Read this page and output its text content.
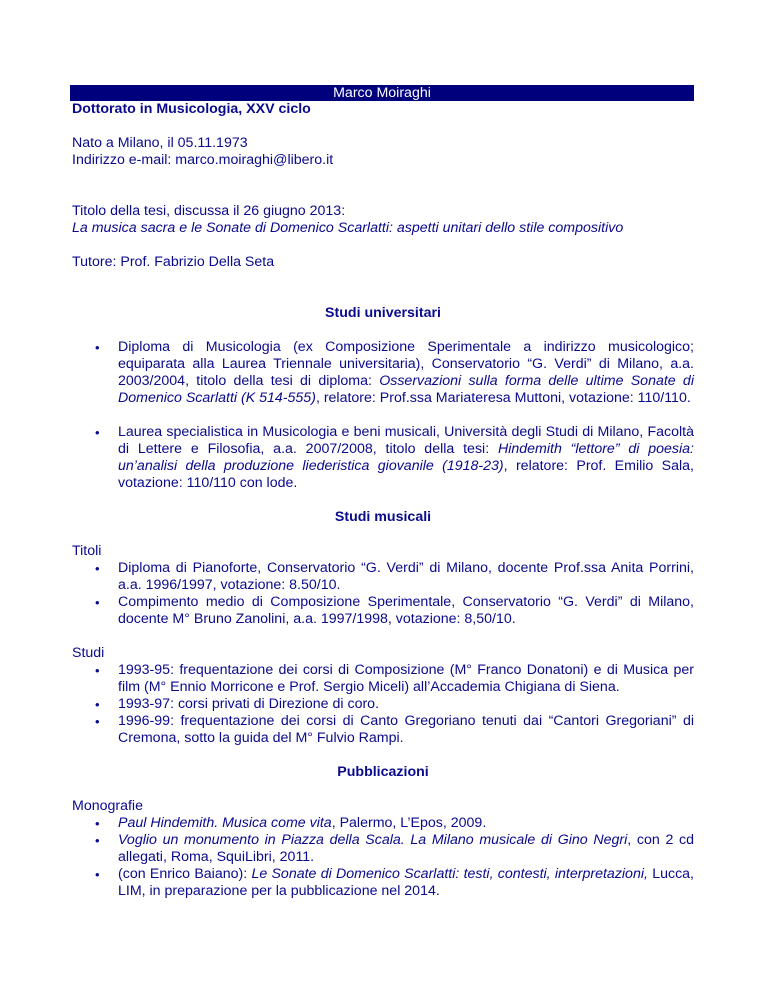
Marco Moiraghi

Dottorato in Musicologia, XXV ciclo

Nato a Milano, il 05.11.1973

Indirizzo e-mail: marco.moiraghi@libero.it

Titolo della tesi, discussa il 26 giugno 2013:

La musica sacra e le Sonate di Domenico Scarlatti: aspetti unitari dello stile compositivo

Tutore: Prof. Fabrizio Della Seta

Studi universitari
• Diploma di Musicologia (ex Composizione Sperimentale a indirizzo musicologico; equiparata alla Laurea Triennale universitaria), Conservatorio “G. Verdi” di Milano, a.a. 2003/2004, titolo della tesi di diploma: Osservazioni sulla forma delle ultime Sonate di Domenico Scarlatti (K 514-555), relatore: Prof.ssa Mariateresa Muttoni, votazione: 110/110.
• Laurea specialistica in Musicologia e beni musicali, Università degli Studi di Milano, Facoltà di Lettere e Filosofia, a.a. 2007/2008, titolo della tesi: Hindemith “lettore” di poesia: un’analisi della produzione liederistica giovanile (1918-23), relatore: Prof. Emilio Sala, votazione: 110/110 con lode.
Studi musicali

Titoli

• Diploma di Pianoforte, Conservatorio “G. Verdi” di Milano, docente Prof.ssa Anita Porrini, a.a. 1996/1997, votazione: 8.50/10.
• Compimento medio di Composizione Sperimentale, Conservatorio “G. Verdi” di Milano, docente M° Bruno Zanolini, a.a. 1997/1998, votazione: 8,50/10.

Studi

• 1993-95: frequentazione dei corsi di Composizione (M° Franco Donatoni) e di Musica per film (M° Ennio Morricone e Prof. Sergio Miceli) all’Accademia Chigiana di Siena.
• 1993-97: corsi privati di Direzione di coro.
• 1996-99: frequentazione dei corsi di Canto Gregoriano tenuti dai “Cantori Gregoriani” di Cremona, sotto la guida del M° Fulvio Rampi.
Pubblicazioni

Monografie

• Paul Hindemith. Musica come vita, Palermo, L’Epos, 2009.
• Voglio un monumento in Piazza della Scala. La Milano musicale di Gino Negri, con 2 cd allegati, Roma, SquiLibri, 2011.
• (con Enrico Baiano): Le Sonate di Domenico Scarlatti: testi, contesti, interpretazioni, Lucca, LIM, in preparazione per la pubblicazione nel 2014.
